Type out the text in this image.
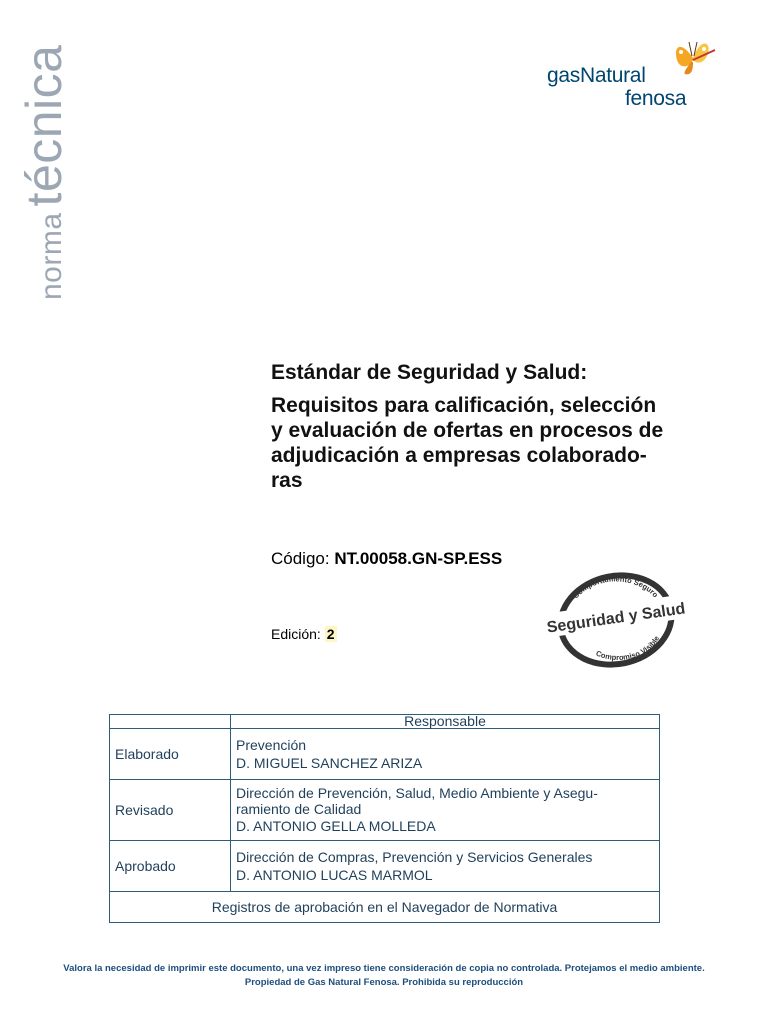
normatécnica	gasNatural
fenosa
Estándar de Seguridad y Salud:
Requisitos para calificación, selección
y evaluación de ofertas en procesos de
adjudicación a empresas colaborado-
ras
Código: NT.00058.GN-SP.ESS
Edición: 2
Comportamiento Seguro
Seguridad y Salud
Compromiso Visible
	Responsable
Elaborado	Prevención
D. MIGUEL SANCHEZ ARIZA

Revisado	Dirección de Prevención, Salud, Medio Ambiente y Asegu-
ramiento de Calidad
D. ANTONIO GELLA MOLLEDA

Aprobado	Dirección de Compras, Prevención y Servicios Generales
D. ANTONIO LUCAS MARMOL

Registros de aprobación en el Navegador de Normativa	
Valora la necesidad de imprimir este documento, una vez impreso tiene consideración de copia no controlada. Protejamos el medio ambiente.
Propiedad de Gas Natural Fenosa. Prohibida su reproducción
